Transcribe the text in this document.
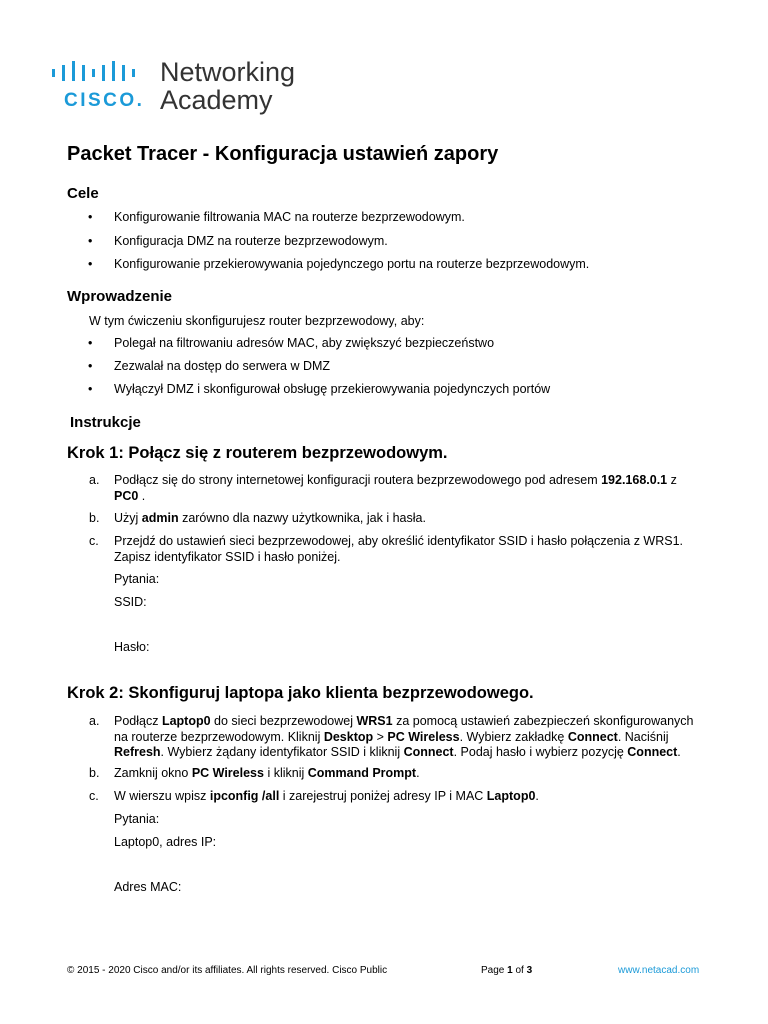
CISCO.
Networking
Academy
Packet Tracer - Konfiguracja ustawień zapory
Cele
Konfigurowanie filtrowania MAC na routerze bezprzewodowym.
Konfiguracja DMZ na routerze bezprzewodowym.
Konfigurowanie przekierowywania pojedynczego portu na routerze bezprzewodowym.
Wprowadzenie
W tym ćwiczeniu skonfigurujesz router bezprzewodowy, aby:
Polegał na filtrowaniu adresów MAC, aby zwiększyć bezpieczeństwo
Zezwalał na dostęp do serwera w DMZ
Wyłączył DMZ i skonfigurował obsługę przekierowywania pojedynczych portów
Instrukcje
Krok 1: Połącz się z routerem bezprzewodowym.
a. Podłącz się do strony internetowej konfiguracji routera bezprzewodowego pod adresem 192.168.0.1 z
PC0 .
b. Użyj admin zarówno dla nazwy użytkownika, jak i hasła.
c. Przejdź do ustawień sieci bezprzewodowej, aby określić identyfikator SSID i hasło połączenia z WRS1.
Zapisz identyfikator SSID i hasło poniżej.
Pytania:
SSID:
Hasło:
Krok 2: Skonfiguruj laptopa jako klienta bezprzewodowego.
a. Podłącz Laptop0 do sieci bezprzewodowej WRS1 za pomocą ustawień zabezpieczeń skonfigurowanych
na routerze bezprzewodowym. Kliknij Desktop > PC Wireless. Wybierz zakładkę Connect. Naciśnij
Refresh. Wybierz żądany identyfikator SSID i kliknij Connect. Podaj hasło i wybierz pozycję Connect.
b. Zamknij okno PC Wireless i kliknij Command Prompt.
c. W wierszu wpisz ipconfig /all i zarejestruj poniżej adresy IP i MAC Laptop0.
Pytania:
Laptop0, adres IP:
Adres MAC:
© 2015 - 2020 Cisco and/or its affiliates. All rights reserved. Cisco Public	Page 1 of 3	www.netacad.com
